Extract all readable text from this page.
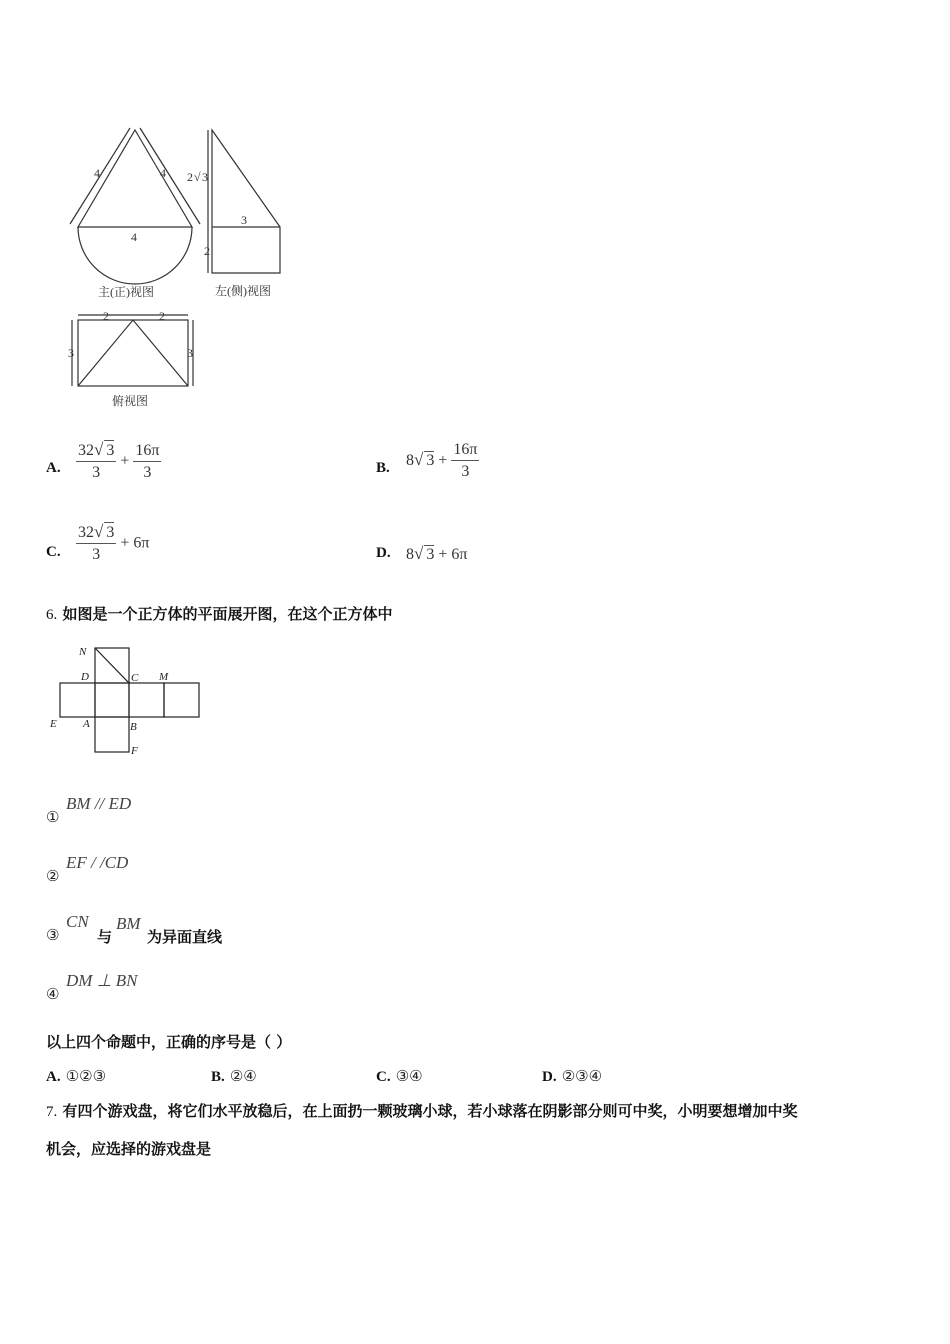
4	4
4
2 √ 3
3
2
2	2
3	3
主(正)视图	左(侧)视图
俯视图
A. $\frac{32√ 3}{3} + \frac{16\pi}{3}$	B. 8√ $3 + \frac{16\pi}{3}$
C. $\frac{32√ 3}{3} + 6\pi$
D. 8√ 3 + 6π
6. 如图是一个正方体的平面展开图，在这个正方体中
N
D	C M
E A	B
F
①
BM // ED
②
EF / /CD
③
CN
与
BM
为异面直线
④
DM ⊥ BN
以上四个命题中，正确的序号是（ ）
A. ①②③	B. ②④	C. ③④	D. ②③④
7. 有四个游戏盘，将它们水平放稳后，在上面扔一颗玻璃小球，若小球落在阴影部分则可中奖，小明要想增加中奖
机会，应选择的游戏盘是
